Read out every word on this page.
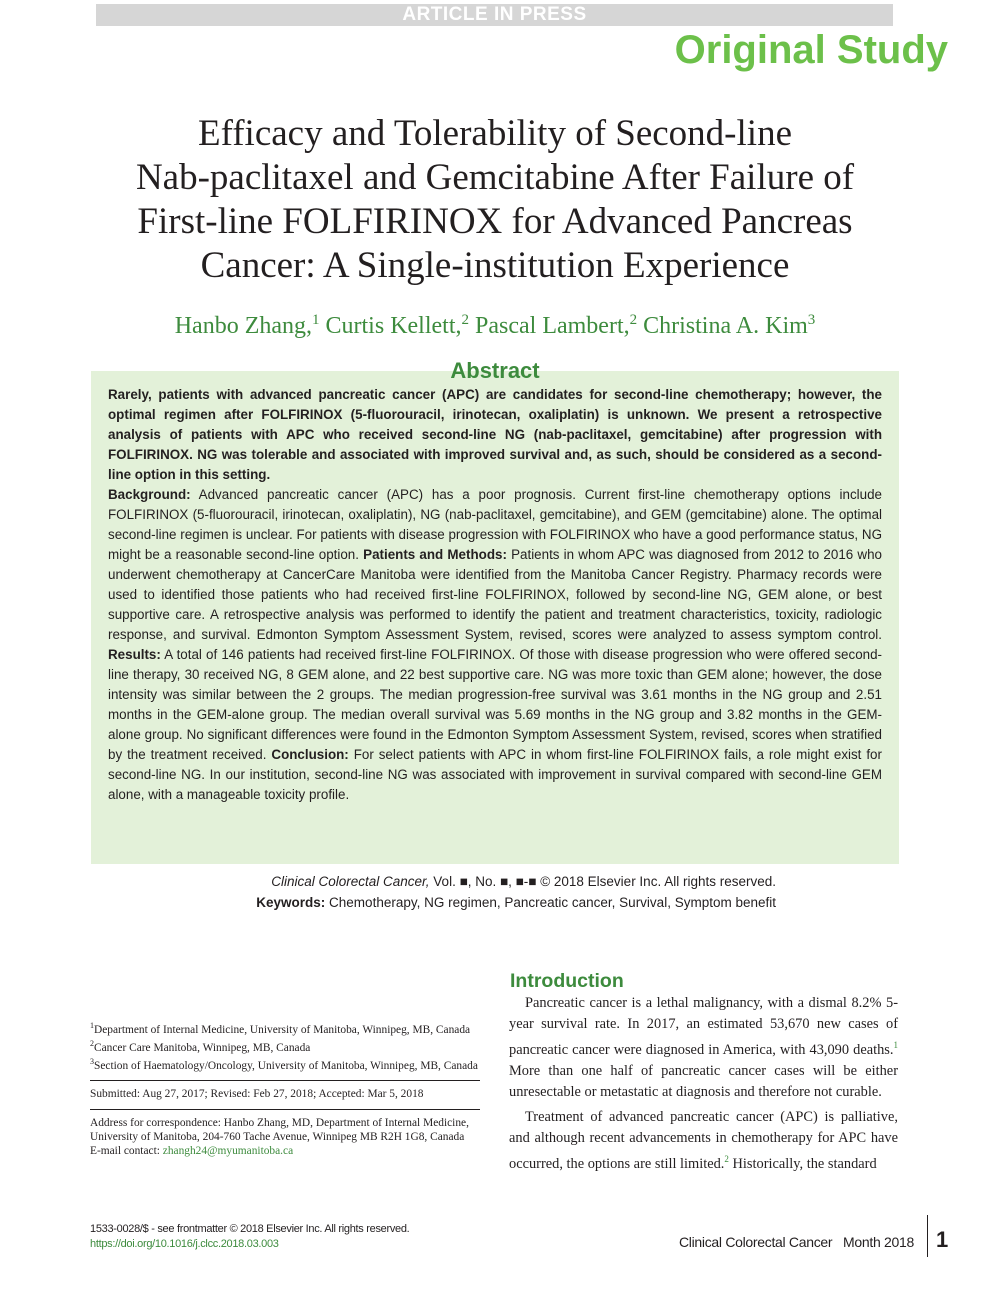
ARTICLE IN PRESS
Original Study
Efficacy and Tolerability of Second-line
Nab-paclitaxel and Gemcitabine After Failure of
First-line FOLFIRINOX for Advanced Pancreas
Cancer: A Single-institution Experience
Hanbo Zhang,$^1$ Curtis Kellett,$^2$ Pascal Lambert,$^2$ Christina A. Kim$^3$

Rarely, patients with advanced pancreatic cancer (APC) are candidates for second-line chemotherapy; however, the optimal regimen after FOLFIRINOX (5-fluorouracil, irinotecan, oxaliplatin) is unknown. We present a retrospective analysis of patients with APC who received second-line NG (nab-paclitaxel, gemcitabine) after progression with FOLFIRINOX. NG was tolerable and associated with improved survival and, as such, should be considered as a second-line option in this setting.

Background: Advanced pancreatic cancer (APC) has a poor prognosis. Current first-line chemotherapy options include FOLFIRINOX (5-fluorouracil, irinotecan, oxaliplatin), NG (nab-paclitaxel, gemcitabine), and GEM (gemcitabine) alone. The optimal second-line regimen is unclear. For patients with disease progression with FOLFIRINOX who have a good performance status, NG might be a reasonable second-line option. Patients and Methods: Patients in whom APC was diagnosed from 2012 to 2016 who underwent chemotherapy at CancerCare Manitoba were identified from the Manitoba Cancer Registry. Pharmacy records were used to identified those patients who had received first-line FOLFIRINOX, followed by second-line NG, GEM alone, or best supportive care. A retrospective analysis was performed to identify the patient and treatment characteristics, toxicity, radiologic response, and survival. Edmonton Symptom Assessment System, revised, scores were analyzed to assess symptom control. Results: A total of 146 patients had received first-line FOLFIRINOX. Of those with disease progression who were offered second-line therapy, 30 received NG, 8 GEM alone, and 22 best supportive care. NG was more toxic than GEM alone; however, the dose intensity was similar between the 2 groups. The median progression-free survival was 3.61 months in the NG group and 2.51 months in the GEM-alone group. The median overall survival was 5.69 months in the NG group and 3.82 months in the GEM-alone group. No significant differences were found in the Edmonton Symptom Assessment System, revised, scores when stratified by the treatment received. Conclusion: For select patients with APC in whom first-line FOLFIRINOX fails, a role might exist for second-line NG. In our institution, second-line NG was associated with improvement in survival compared with second-line GEM alone, with a manageable toxicity profile.

Abstract
Clinical Colorectal Cancer, Vol. ■, No. ■, ■-■ © 2018 Elsevier Inc. All rights reserved.
Keywords: Chemotherapy, NG regimen, Pancreatic cancer, Survival, Symptom benefit

$^1$Department of Internal Medicine, University of Manitoba, Winnipeg, MB, Canada

$^2$Cancer Care Manitoba, Winnipeg, MB, Canada

$^3$Section of Haematology/Oncology, University of Manitoba, Winnipeg, MB, Canada

Submitted: Aug 27, 2017; Revised: Feb 27, 2018; Accepted: Mar 5, 2018

Address for correspondence: Hanbo Zhang, MD, Department of Internal Medicine, University of Manitoba, 204-760 Tache Avenue, Winnipeg MB R2H 1G8, Canada

E-mail contact: zhangh24@myumanitoba.ca

Introduction

Pancreatic cancer is a lethal malignancy, with a dismal 8.2% 5-year survival rate. In 2017, an estimated 53,670 new cases of pancreatic cancer were diagnosed in America, with 43,090 deaths.$^1$ More than one half of pancreatic cancer cases will be either unresectable or metastatic at diagnosis and therefore not curable.

Treatment of advanced pancreatic cancer (APC) is palliative, and although recent advancements in chemotherapy for APC have occurred, the options are still limited.$^2$ Historically, the standard

1533-0028/$ - see frontmatter © 2018 Elsevier Inc. All rights reserved.
https://doi.org/10.1016/j.clcc.2018.03.003	Clinical Colorectal Cancer Month 2018 1
